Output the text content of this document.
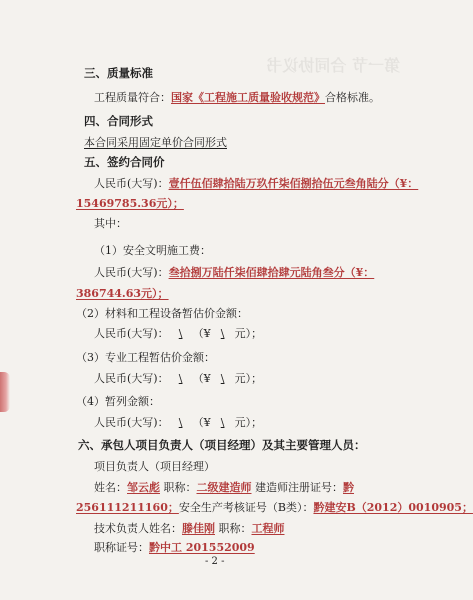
第一节 合同协议书
三、质量标准
工程质量符合：国家《工程施工质量验收规范》合格标准。
四、合同形式
本合同采用固定单价合同形式
五、签约合同价
人民币(大写)：壹仟伍佰肆拾陆万玖仟柒佰捌拾伍元叁角陆分（¥：
15469785.36元）；
其中：
（1）安全文明施工费：
人民币(大写)：叁拾捌万陆仟柒佰肆拾肆元陆角叁分（¥：
386744.63元）；
（2）材料和工程设备暂估价金额：
人民币(大写)： \ （¥ \ 元）；
（3）专业工程暂估价金额：
人民币(大写)： \ （¥ \ 元）；
（4）暂列金额：
人民币(大写)： \ （¥ \ 元）；
六、承包人项目负责人（项目经理）及其主要管理人员：
项目负责人（项目经理）
姓名：邹云彪 职称：二级建造师 建造师注册证号：黔
256111211160；安全生产考核证号（B类）：黔建安B（2012）0010905；
技术负责人姓名：滕佳刚 职称：工程师
职称证号：黔中工 201552009
- 2 -
